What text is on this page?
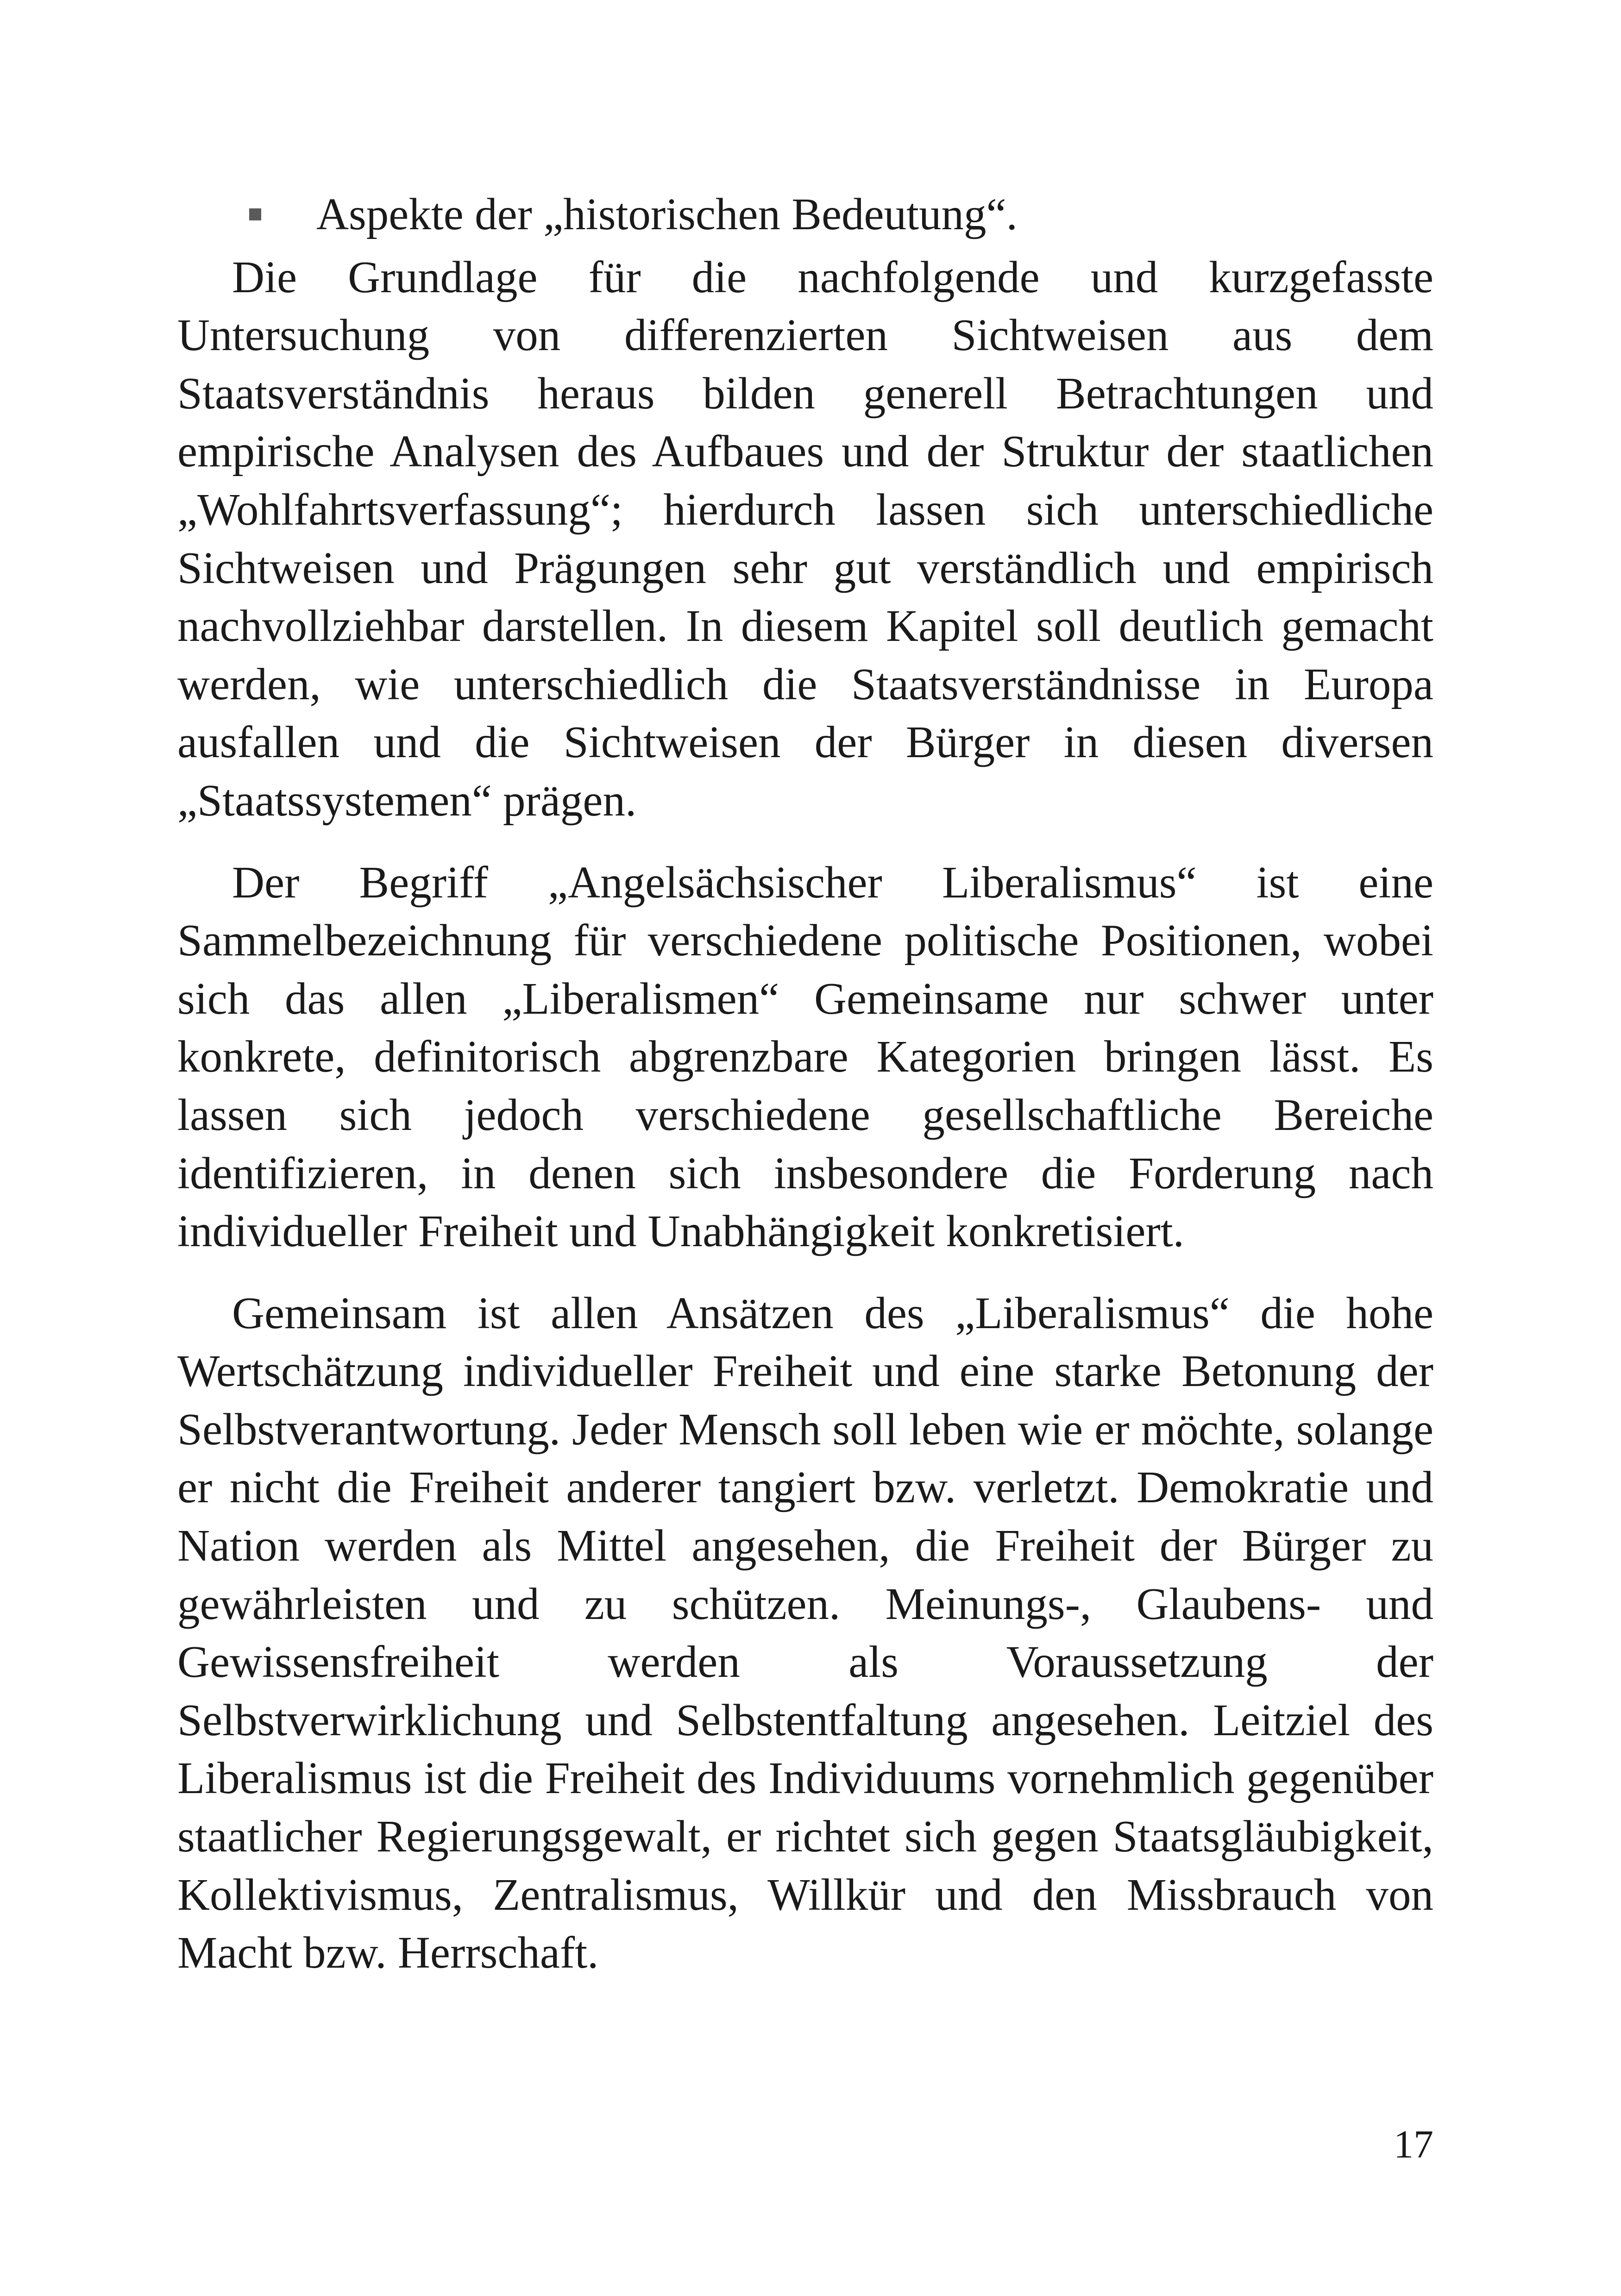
Aspekte der „historischen Bedeutung“.

Die Grundlage für die nachfolgende und kurzgefasste Untersuchung von differenzierten Sichtweisen aus dem Staatsverständnis heraus bilden generell Betrachtungen und empirische Analysen des Aufbaues und der Struktur der staatlichen „Wohlfahrtsverfassung“; hierdurch lassen sich unterschiedliche Sichtweisen und Prägungen sehr gut verständlich und empirisch nachvollziehbar darstellen. In diesem Kapitel soll deutlich gemacht werden, wie unterschiedlich die Staatsverständnisse in Europa ausfallen und die Sichtweisen der Bürger in diesen diversen „Staatssystemen“ prägen.

Der Begriff „Angelsächsischer Liberalismus“ ist eine Sammelbezeichnung für verschiedene politische Positionen, wobei sich das allen „Liberalismen“ Gemeinsame nur schwer unter konkrete, definitorisch abgrenzbare Kategorien bringen lässt. Es lassen sich jedoch verschiedene gesellschaftliche Bereiche identifizieren, in denen sich insbesondere die Forderung nach individueller Freiheit und Unabhängigkeit konkretisiert.

Gemeinsam ist allen Ansätzen des „Liberalismus“ die hohe Wertschätzung individueller Freiheit und eine starke Betonung der Selbstverantwortung. Jeder Mensch soll leben wie er möchte, solange er nicht die Freiheit anderer tangiert bzw. verletzt. Demokratie und Nation werden als Mittel angesehen, die Freiheit der Bürger zu gewährleisten und zu schützen. Meinungs-, Glaubens- und Gewissensfreiheit werden als Voraussetzung der Selbstverwirklichung und Selbstentfaltung angesehen. Leitziel des Liberalismus ist die Freiheit des Individuums vornehmlich gegenüber staatlicher Regierungsgewalt, er richtet sich gegen Staatsgläubigkeit, Kollektivismus, Zentralismus, Willkür und den Missbrauch von Macht bzw. Herrschaft.

17
